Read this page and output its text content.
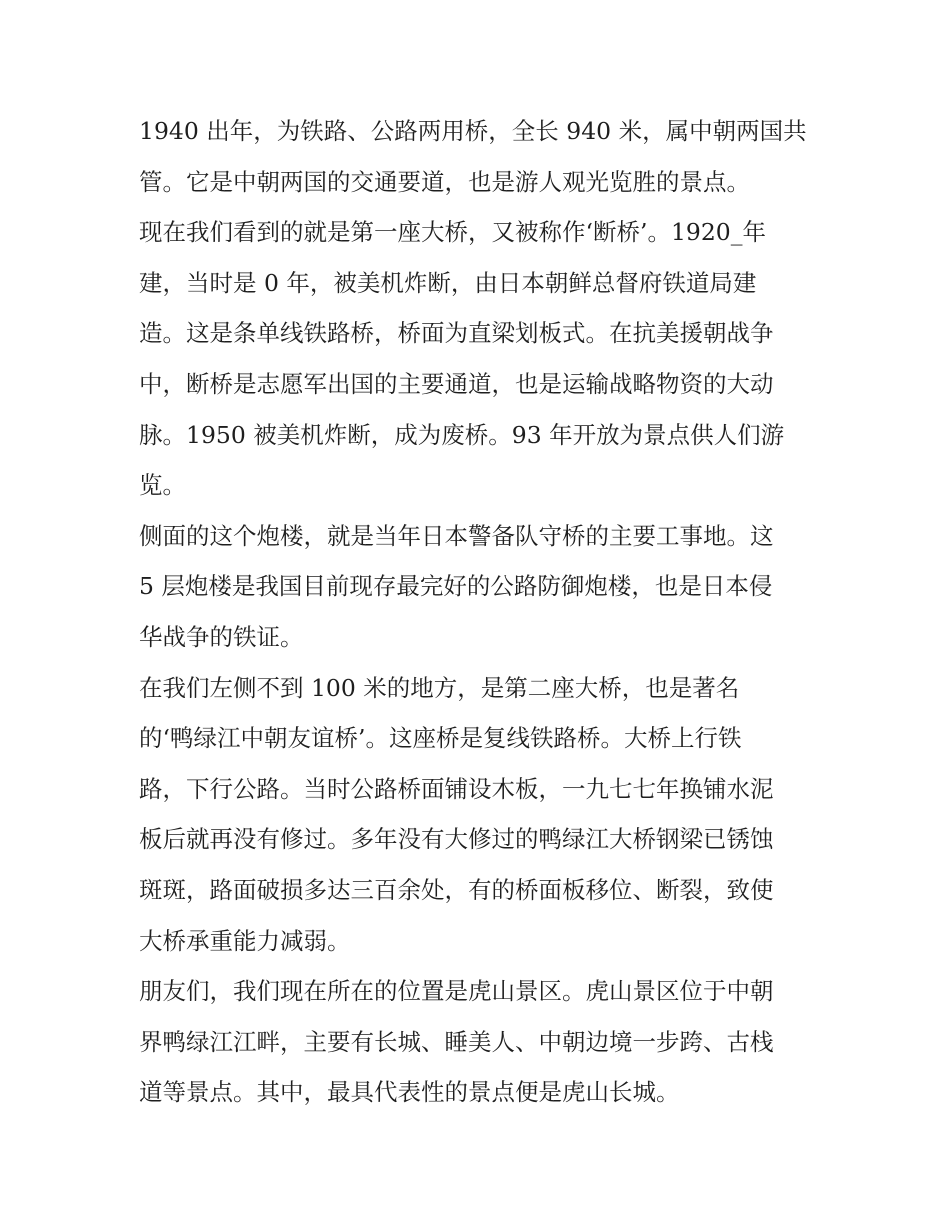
1940 出年，为铁路、公路两用桥，全长 940 米，属中朝两国共
管。它是中朝两国的交通要道，也是游人观光览胜的景点。
现在我们看到的就是第一座大桥，又被称作‘断桥’。1920_年
建，当时是 0 年，被美机炸断，由日本朝鲜总督府铁道局建
造。这是条单线铁路桥，桥面为直梁划板式。在抗美援朝战争
中，断桥是志愿军出国的主要通道，也是运输战略物资的大动
脉。1950 被美机炸断，成为废桥。93 年开放为景点供人们游
览。
侧面的这个炮楼，就是当年日本警备队守桥的主要工事地。这
5 层炮楼是我国目前现存最完好的公路防御炮楼，也是日本侵
华战争的铁证。
在我们左侧不到 100 米的地方，是第二座大桥，也是著名
的‘鸭绿江中朝友谊桥’。这座桥是复线铁路桥。大桥上行铁
路，下行公路。当时公路桥面铺设木板，一九七七年换铺水泥
板后就再没有修过。多年没有大修过的鸭绿江大桥钢梁已锈蚀
斑斑，路面破损多达三百余处，有的桥面板移位、断裂，致使
大桥承重能力减弱。
朋友们，我们现在所在的位置是虎山景区。虎山景区位于中朝
界鸭绿江江畔，主要有长城、睡美人、中朝边境一步跨、古栈
道等景点。其中，最具代表性的景点便是虎山长城。
